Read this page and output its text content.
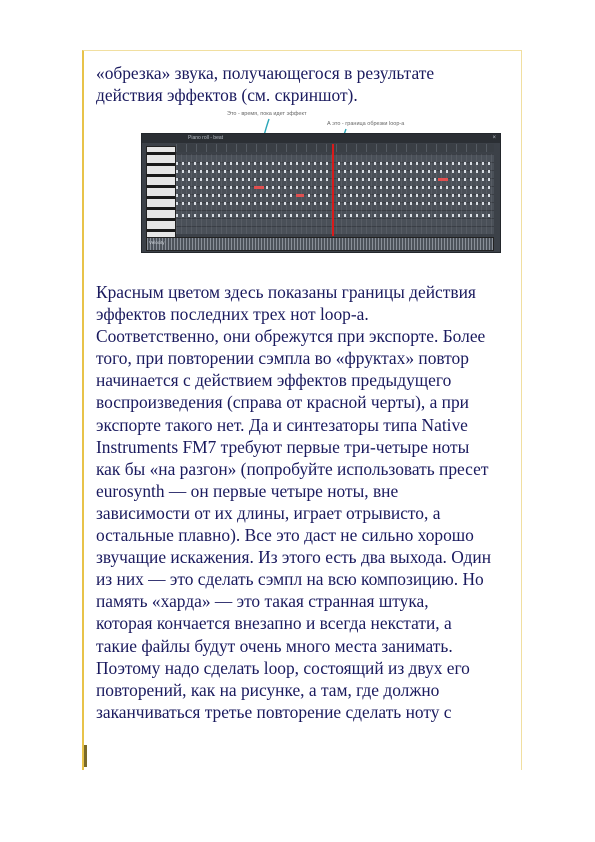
«обрезка» звука, получающегося в результате
действия эффектов (см. скриншот).
Это - время, пока идет эффект
А это - граница обрезки loop-a
Piano roll - beat	×
Velocity
Красным цветом здесь показаны границы действия
эффектов последних трех нот loop-а.
Соответственно, они обрежутся при экспорте. Более
того, при повторении сэмпла во «фруктах» повтор
начинается с действием эффектов предыдущего
воспроизведения (справа от красной черты), а при
экспорте такого нет. Да и синтезаторы типа Native
Instruments FM7 требуют первые три-четыре ноты
как бы «на разгон» (попробуйте использовать пресет
eurosynth — он первые четыре ноты, вне
зависимости от их длины, играет отрывисто, а
остальные плавно). Все это даст не сильно хорошо
звучащие искажения. Из этого есть два выхода. Один
из них — это сделать сэмпл на всю композицию. Но
память «харда» — это такая странная штука,
которая кончается внезапно и всегда некстати, а
такие файлы будут очень много места занимать.
Поэтому надо сделать loop, состоящий из двух его
повторений, как на рисунке, а там, где должно
заканчиваться третье повторение сделать ноту с
